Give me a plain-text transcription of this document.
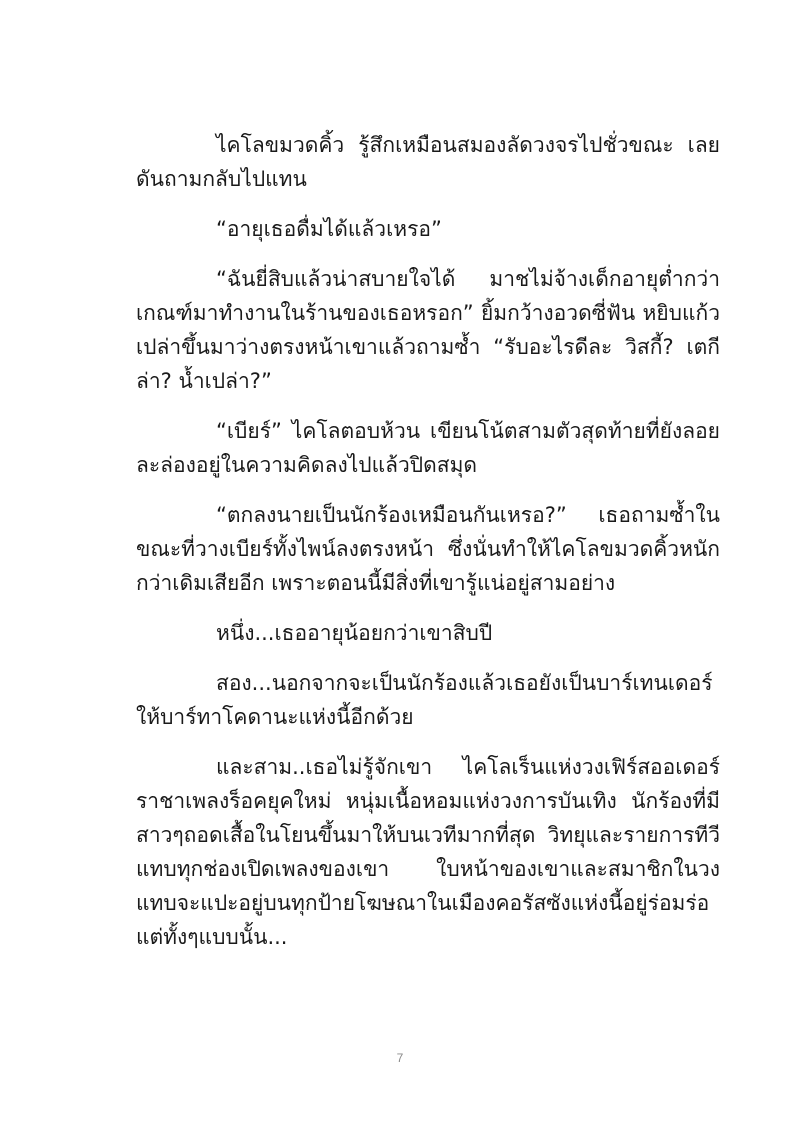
ไคโลขมวดคิ้ว รู้สึกเหมือนสมองลัดวงจรไปชั่วขณะ เลยดันถามกลับไปแทน

“อายุเธอดื่มได้แล้วเหรอ”

“ฉันยี่สิบแล้วน่าสบายใจได้ มาชไม่จ้างเด็กอายุต่ำกว่าเกณฑ์มาทำงานในร้านของเธอหรอก” ยิ้มกว้างอวดซี่ฟัน หยิบแก้วเปล่าขึ้นมาว่างตรงหน้าเขาแล้วถามซ้ำ “รับอะไรดีละ วิสกี้? เตกีล่า? น้ำเปล่า?”

“เบียร์” ไคโลตอบห้วน เขียนโน้ตสามตัวสุดท้ายที่ยังลอยละล่องอยู่ในความคิดลงไปแล้วปิดสมุด

“ตกลงนายเป็นนักร้องเหมือนกันเหรอ?” เธอถามซ้ำในขณะที่วางเบียร์ทั้งไพน์ลงตรงหน้า ซึ่งนั่นทำให้ไคโลขมวดคิ้วหนักกว่าเดิมเสียอีก เพราะตอนนี้มีสิ่งที่เขารู้แน่อยู่สามอย่าง

หนึ่ง...เธออายุน้อยกว่าเขาสิบปี

สอง...นอกจากจะเป็นนักร้องแล้วเธอยังเป็นบาร์เทนเดอร์ให้บาร์ทาโคดานะแห่งนี้อีกด้วย

และสาม..เธอไม่รู้จักเขา ไคโลเร็นแห่งวงเฟิร์สออเดอร์ ราชาเพลงร็อคยุคใหม่ หนุ่มเนื้อหอมแห่งวงการบันเทิง นักร้องที่มีสาวๆถอดเสื้อในโยนขึ้นมาให้บนเวทีมากที่สุด วิทยุและรายการทีวีแทบทุกช่องเปิดเพลงของเขา ใบหน้าของเขาและสมาชิกในวงแทบจะแปะอยู่บนทุกป้ายโฆษณาในเมืองคอรัสซังแห่งนี้อยู่ร่อมร่อ แต่ทั้งๆแบบนั้น...

7
